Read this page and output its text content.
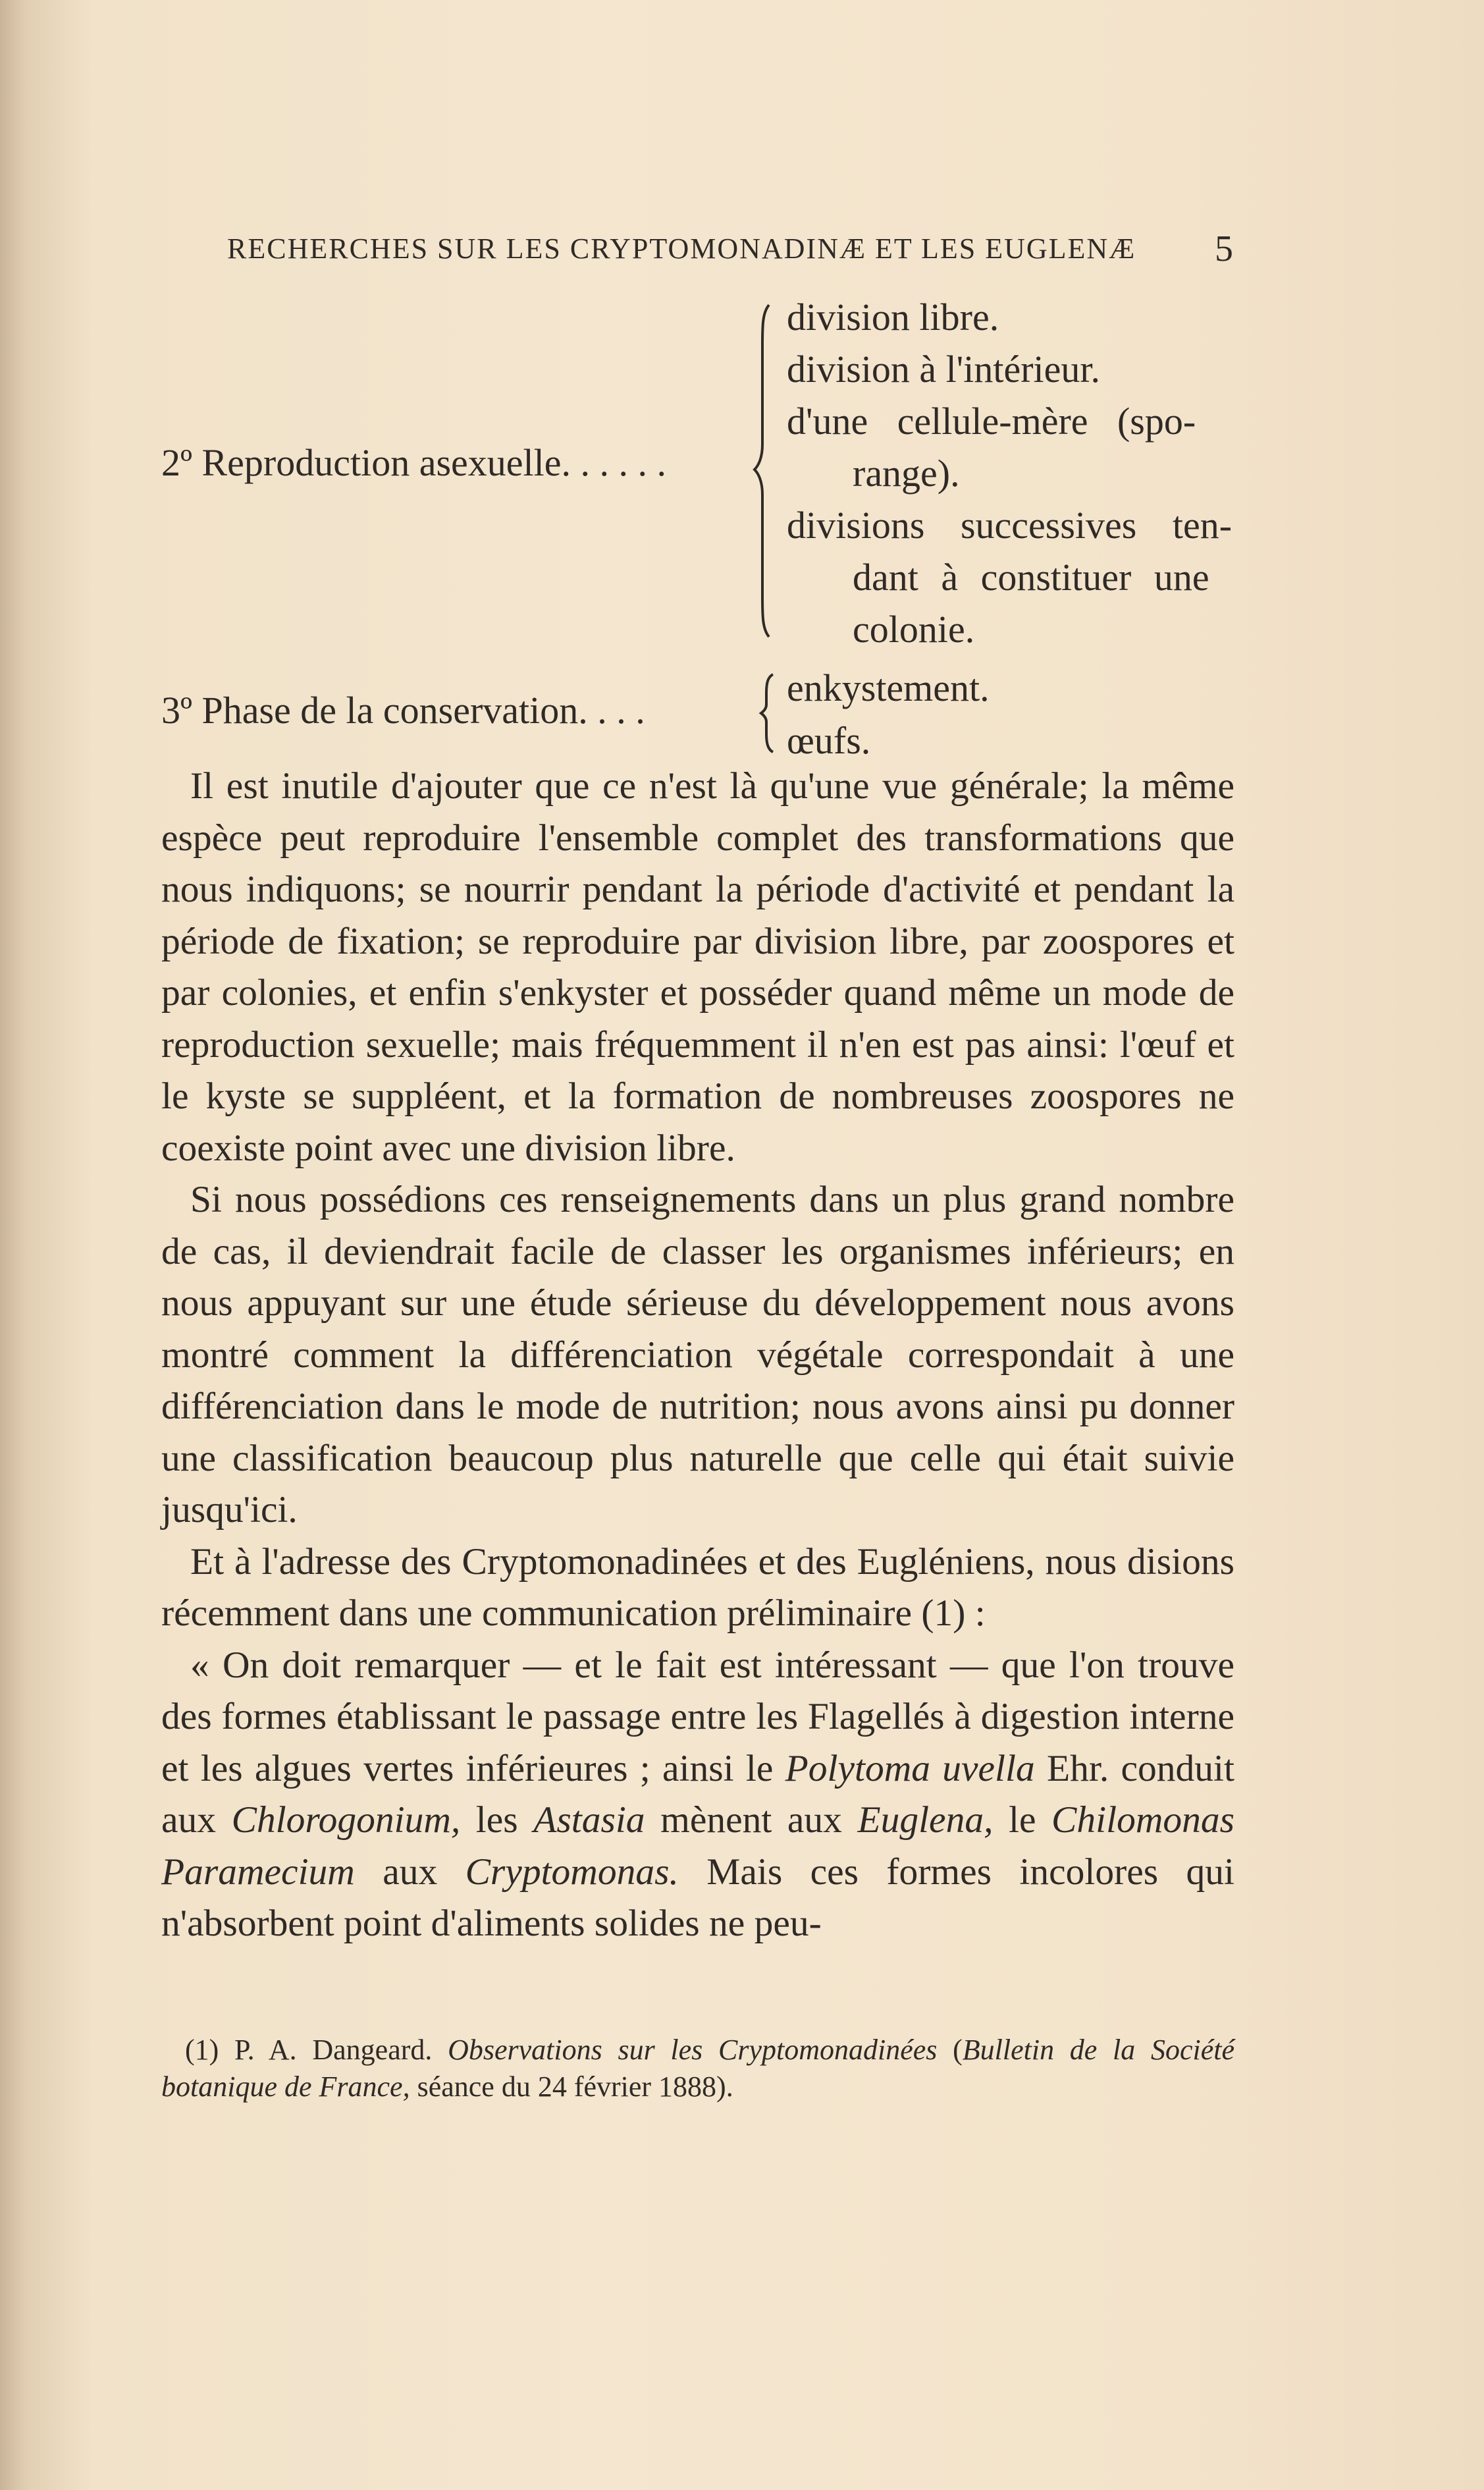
RECHERCHES SUR LES CRYPTOMONADINÆ ET LES EUGLENÆ 5
2º Reproduction asexuelle. . . . . .
division libre.
division à l'intérieur.
d'une cellule-mère (spo-
range).
divisions successives ten-
dant à constituer une
colonie.
3º Phase de la conservation. . . .
enkystement.
œufs.

Il est inutile d'ajouter que ce n'est là qu'une vue générale; la même espèce peut reproduire l'ensemble complet des transformations que nous indiquons; se nourrir pendant la période d'activité et pendant la période de fixation; se reproduire par division libre, par zoospores et par colonies, et enfin s'enkyster et posséder quand même un mode de reproduction sexuelle; mais fréquemment il n'en est pas ainsi: l'œuf et le kyste se suppléent, et la formation de nombreuses zoospores ne coexiste point avec une division libre.

Si nous possédions ces renseignements dans un plus grand nombre de cas, il deviendrait facile de classer les organismes inférieurs; en nous appuyant sur une étude sérieuse du développement nous avons montré comment la différenciation végétale correspondait à une différenciation dans le mode de nutrition; nous avons ainsi pu donner une classification beaucoup plus naturelle que celle qui était suivie jusqu'ici.

Et à l'adresse des Cryptomonadinées et des Eugléniens, nous disions récemment dans une communication préliminaire (1) :

« On doit remarquer — et le fait est intéressant — que l'on trouve des formes établissant le passage entre les Flagellés à digestion interne et les algues vertes inférieures ; ainsi le Polytoma uvella Ehr. conduit aux Chlorogonium, les Astasia mènent aux Euglena, le Chilomonas Paramecium aux Cryptomonas. Mais ces formes incolores qui n'absorbent point d'aliments solides ne peu-

(1) P. A. Dangeard. Observations sur les Cryptomonadinées (Bulletin de la Société botanique de France, séance du 24 février 1888).
